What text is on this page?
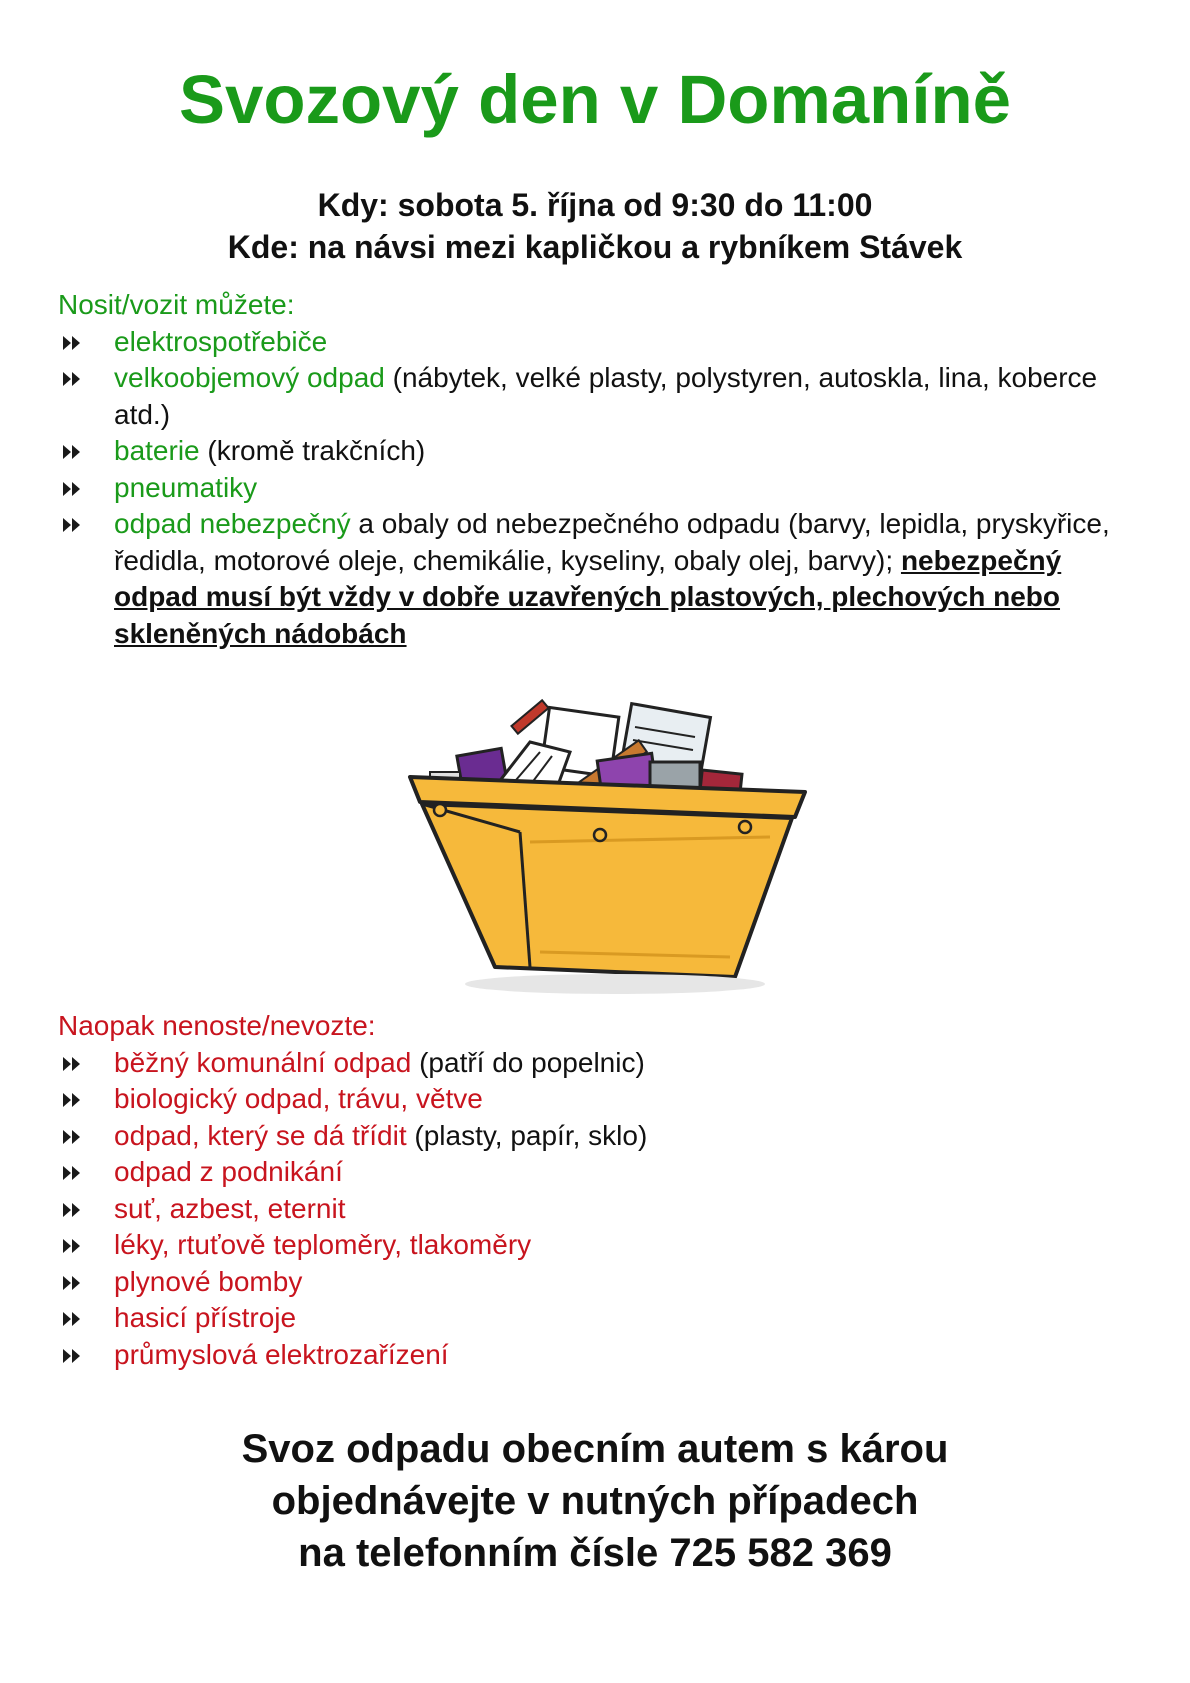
Svozový den v Domaníně
Kdy: sobota 5. října od 9:30 do 11:00
Kde: na návsi mezi kapličkou a rybníkem Stávek

Nosit/vozit můžete:

elektrospotřebiče
velkoobjemový odpad (nábytek, velké plasty, polystyren, autoskla, lina, koberce atd.)
baterie (kromě trakčních)
pneumatiky
odpad nebezpečný a obaly od nebezpečného odpadu (barvy, lepidla, pryskyřice, ředidla, motorové oleje, chemikálie, kyseliny, obaly olej, barvy); nebezpečný odpad musí být vždy v dobře uzavřených plastových, plechových nebo skleněných nádobách

Naopak nenoste/nevozte:

běžný komunální odpad (patří do popelnic)
biologický odpad, trávu, větve
odpad, který se dá třídit (plasty, papír, sklo)
odpad z podnikání
suť, azbest, eternit
léky, rtuťově teploměry, tlakoměry
plynové bomby
hasicí přístroje
průmyslová elektrozařízení
Svoz odpadu obecním autem s károu
objednávejte v nutných případech
na telefonním čísle 725 582 369
